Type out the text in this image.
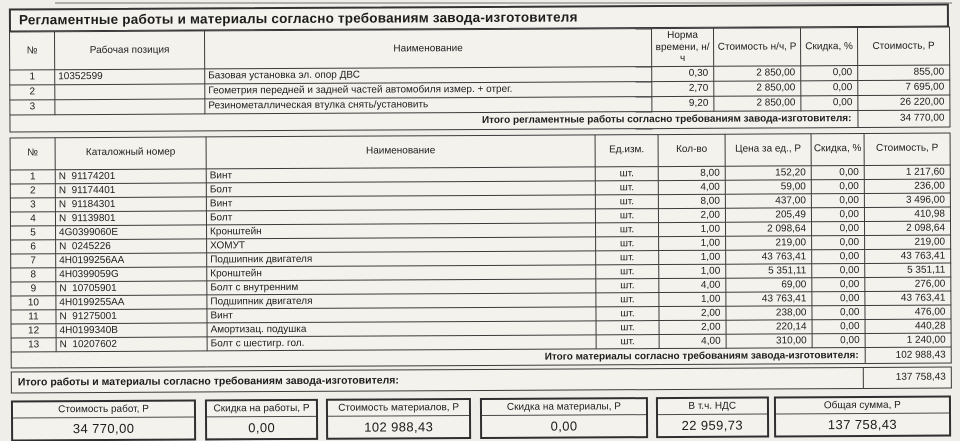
Регламентные работы и материалы согласно требованиям завода-изготовителя
№	Рабочая позиция	Наименование	Норма времени, н/ч	Стоимость н/ч, Р	Скидка, %	Стоимость, Р
1	10352599	Базовая установка эл. опор ДВС	0,30	2 850,00	0,00	855,00
2		Геометрия передней и задней частей автомобиля измер. + отрег.	2,70	2 850,00	0,00	7 695,00
3		Резинометаллическая втулка снять/установить	9,20	2 850,00	0,00	26 220,00
Итого регламентные работы согласно требованиям завода-изготовителя:						34 770,00
№	Каталожный номер	Наименование	Ед.изм.	Кол-во	Цена за ед., Р	Скидка, %	Стоимость, Р
1	N  91174201	Винт	шт.	8,00	152,20	0,00	1 217,60
2	N  91174401	Болт	шт.	4,00	59,00	0,00	236,00
3	N  91184301	Винт	шт.	8,00	437,00	0,00	3 496,00
4	N  91139801	Болт	шт.	2,00	205,49	0,00	410,98
5	4G0399060E	Кронштейн	шт.	1,00	2 098,64	0,00	2 098,64
6	N  0245226	ХОМУТ	шт.	1,00	219,00	0,00	219,00
7	4H0199256AA	Подшипник двигателя	шт.	1,00	43 763,41	0,00	43 763,41
8	4H0399059G	Кронштейн	шт.	1,00	5 351,11	0,00	5 351,11
9	N  10705901	Болт с внутренним	шт.	4,00	69,00	0,00	276,00
10	4H0199255AA	Подшипник двигателя	шт.	1,00	43 763,41	0,00	43 763,41
11	N  91275001	Винт	шт.	2,00	238,00	0,00	476,00
12	4H0199340B	Амортизац. подушка	шт.	2,00	220,14	0,00	440,28
13	N  10207602	Болт с шестигр. гол.	шт.	4,00	310,00	0,00	1 240,00
Итого материалы согласно требованиям завода-изготовителя:							102 988,43
Итого работы и материалы согласно требованиям завода-изготовителя:	137 758,43
Стоимость работ, Р
34 770,00
Скидка на работы, Р
0,00
Стоимость материалов, Р
102 988,43
Скидка на материалы, Р
0,00
В т.ч. НДС
22 959,73
Общая сумма, Р
137 758,43
